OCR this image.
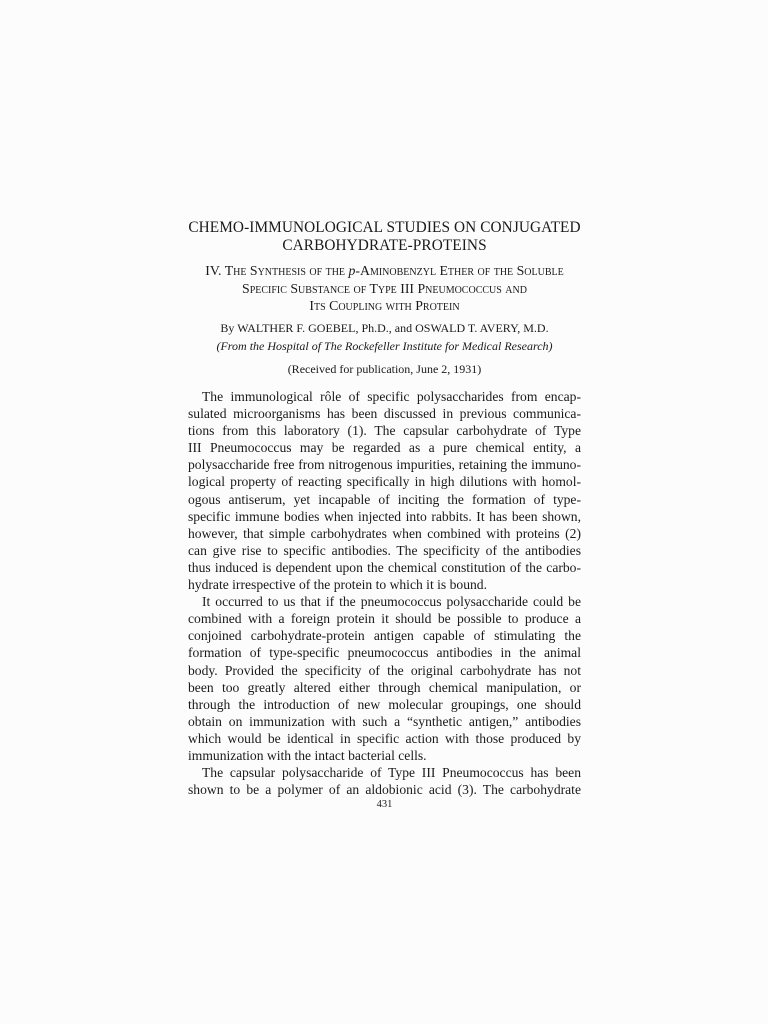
CHEMO-IMMUNOLOGICAL STUDIES ON CONJUGATED
CARBOHYDRATE-PROTEINS
IV. The Synthesis of the p-Aminobenzyl Ether of the Soluble
Specific Substance of Type III Pneumococcus and
Its Coupling with Protein
By WALTHER F. GOEBEL, Ph.D., and OSWALD T. AVERY, M.D.
(From the Hospital of The Rockefeller Institute for Medical Research)
(Received for publication, June 2, 1931)
The immunological rôle of specific polysaccharides from encap-
sulated microorganisms has been discussed in previous communica-
tions from this laboratory (1). The capsular carbohydrate of Type
III Pneumococcus may be regarded as a pure chemical entity, a
polysaccharide free from nitrogenous impurities, retaining the immuno-
logical property of reacting specifically in high dilutions with homol-
ogous antiserum, yet incapable of inciting the formation of type-
specific immune bodies when injected into rabbits. It has been shown,
however, that simple carbohydrates when combined with proteins (2)
can give rise to specific antibodies. The specificity of the antibodies
thus induced is dependent upon the chemical constitution of the carbo-
hydrate irrespective of the protein to which it is bound.
It occurred to us that if the pneumococcus polysaccharide could be
combined with a foreign protein it should be possible to produce a
conjoined carbohydrate-protein antigen capable of stimulating the
formation of type-specific pneumococcus antibodies in the animal
body. Provided the specificity of the original carbohydrate has not
been too greatly altered either through chemical manipulation, or
through the introduction of new molecular groupings, one should
obtain on immunization with such a “synthetic antigen,” antibodies
which would be identical in specific action with those produced by
immunization with the intact bacterial cells.
The capsular polysaccharide of Type III Pneumococcus has been
shown to be a polymer of an aldobionic acid (3). The carbohydrate
431
